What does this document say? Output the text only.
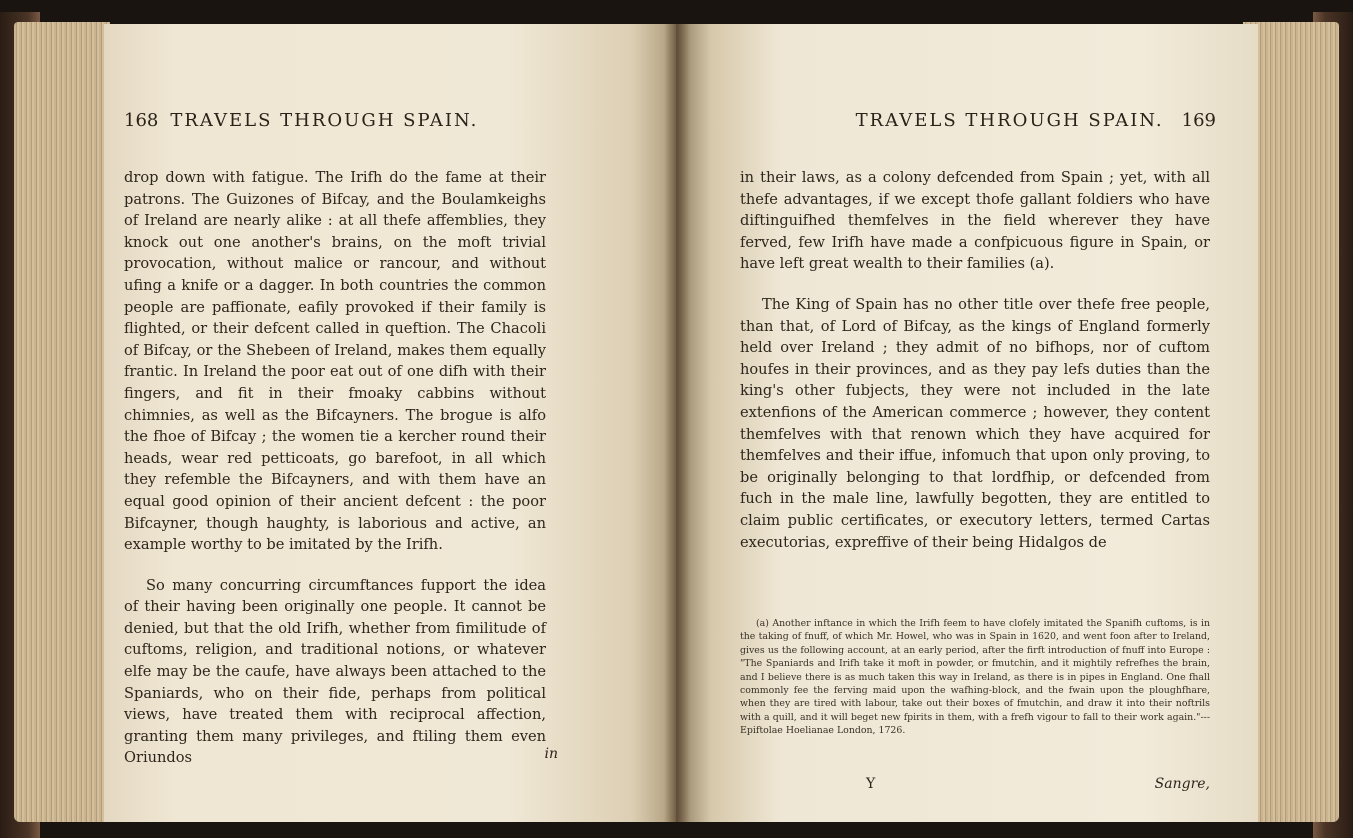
168 TRAVELS THROUGH SPAIN.

drop down with fatigue. The Irifh do the fame at their patrons. The Guizones of Bifcay, and the Boulamkeighs of Ireland are nearly alike : at all thefe affemblies, they knock out one another's brains, on the moft trivial provocation, without malice or rancour, and without ufing a knife or a dagger. In both countries the common people are paffionate, eafily provoked if their family is flighted, or their defcent called in queftion. The Chacoli of Bifcay, or the Shebeen of Ireland, makes them equally frantic. In Ireland the poor eat out of one difh with their fingers, and fit in their fmoaky cabbins without chimnies, as well as the Bifcayners. The brogue is alfo the fhoe of Bifcay ; the women tie a kercher round their heads, wear red petticoats, go barefoot, in all which they refemble the Bifcayners, and with them have an equal good opinion of their ancient defcent : the poor Bifcayner, though haughty, is laborious and active, an example worthy to be imitated by the Irifh.

So many concurring circumftances fupport the idea of their having been originally one people. It cannot be denied, but that the old Irifh, whether from fimilitude of cuftoms, religion, and traditional notions, or whatever elfe may be the caufe, have always been attached to the Spaniards, who on their fide, perhaps from political views, have treated them with reciprocal affection, granting them many privileges, and ftiling them even Oriundos	in
TRAVELS THROUGH SPAIN. 169

in their laws, as a colony defcended from Spain ; yet, with all thefe advantages, if we except thofe gallant foldiers who have diftinguifhed themfelves in the field wherever they have ferved, few Irifh have made a confpicuous figure in Spain, or have left great wealth to their families (a).

The King of Spain has no other title over thefe free people, than that, of Lord of Bifcay, as the kings of England formerly held over Ireland ; they admit of no bifhops, nor of cuftom houfes in their provinces, and as they pay lefs duties than the king's other fubjects, they were not included in the late extenfions of the American commerce ; however, they content themfelves with that renown which they have acquired for themfelves and their iffue, infomuch that upon only proving, to be originally belonging to that lordfhip, or defcended from fuch in the male line, lawfully begotten, they are entitled to claim public certificates, or executory letters, termed Cartas executorias, expreffive of their being Hidalgos de

(a) Another inftance in which the Irifh feem to have clofely imitated the Spanifh cuftoms, is in the taking of fnuff, of which Mr. Howel, who was in Spain in 1620, and went foon after to Ireland, gives us the following account, at an early period, after the firft introduction of fnuff into Europe : "The Spaniards and Irifh take it moft in powder, or fmutchin, and it mightily refrefhes the brain, and I believe there is as much taken this way in Ireland, as there is in pipes in England. One fhall commonly fee the ferving maid upon the wafhing-block, and the fwain upon the ploughfhare, when they are tired with labour, take out their boxes of fmutchin, and draw it into their noftrils with a quill, and it will beget new fpirits in them, with a frefh vigour to fall to their work again."---Epiftolae Hoelianae London, 1726.

Y	Sangre,
